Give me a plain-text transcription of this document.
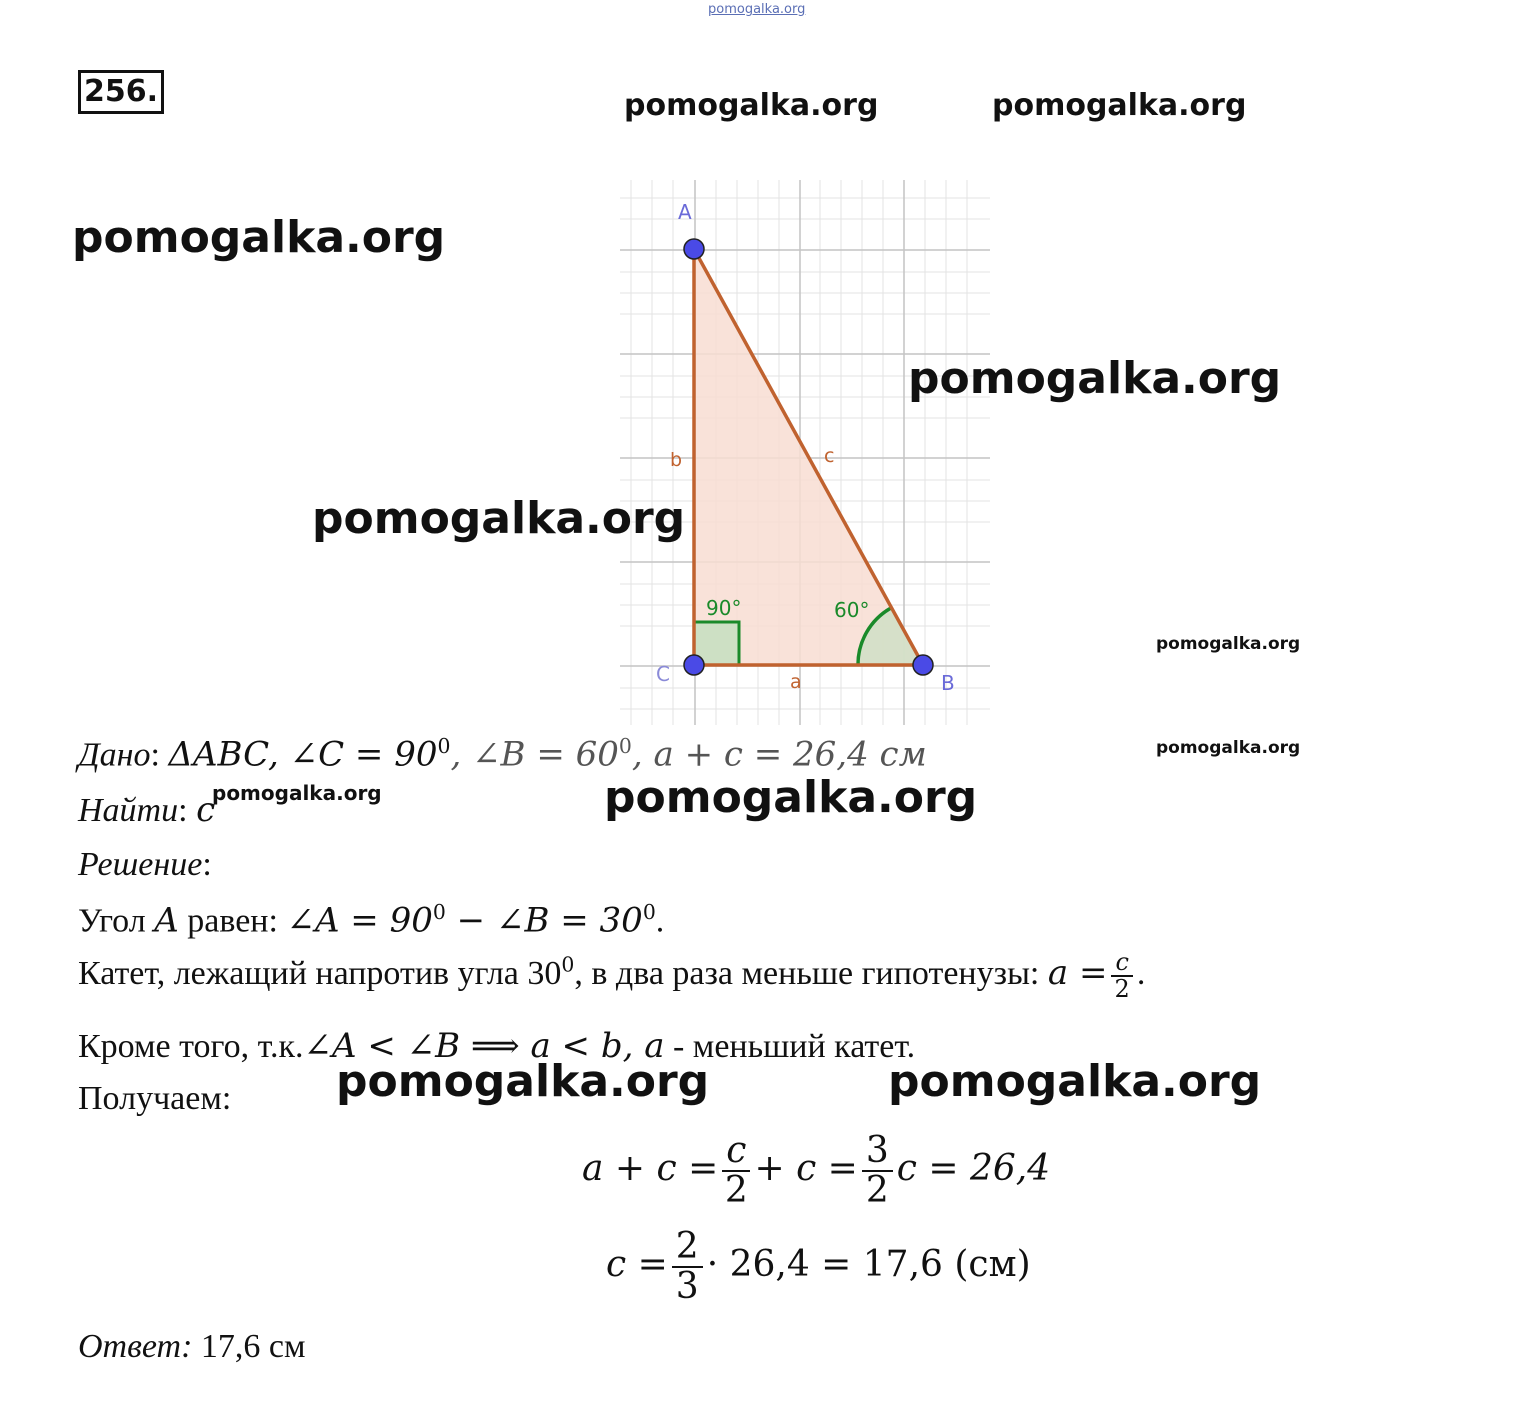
pomogalka.org
pomogalka.org	pomogalka.org
256.
A
C	B
b	c
a
90°	60°
pomogalka.org
pomogalka.org
pomogalka.org
pomogalka.org
pomogalka.org
Дано: ΔABC, ∠C = $90^0$, ∠B = $60^0$, a + c = 26,4 см
pomogalka.org
Найти: c	pomogalka.org
Решение:
Угол A равен: ∠A = $90^0$ − ∠B = $30^0$.
Катет, лежащий напротив угла $30^0$, в два раза меньше гипотенузы: $a = \frac{c}{2}$ .
Кроме того, т.к.∠A < ∠B ⟹ a < b, a - меньший катет.
Получаем: pomogalka.org	pomogalka.org
$a + c = \frac{c}{2} + c = \frac{3}{2}$ c = 26,4
$c = \frac{2}{3} \cdot 26,4 = 17,6$ (см)
Ответ: 17,6 см
